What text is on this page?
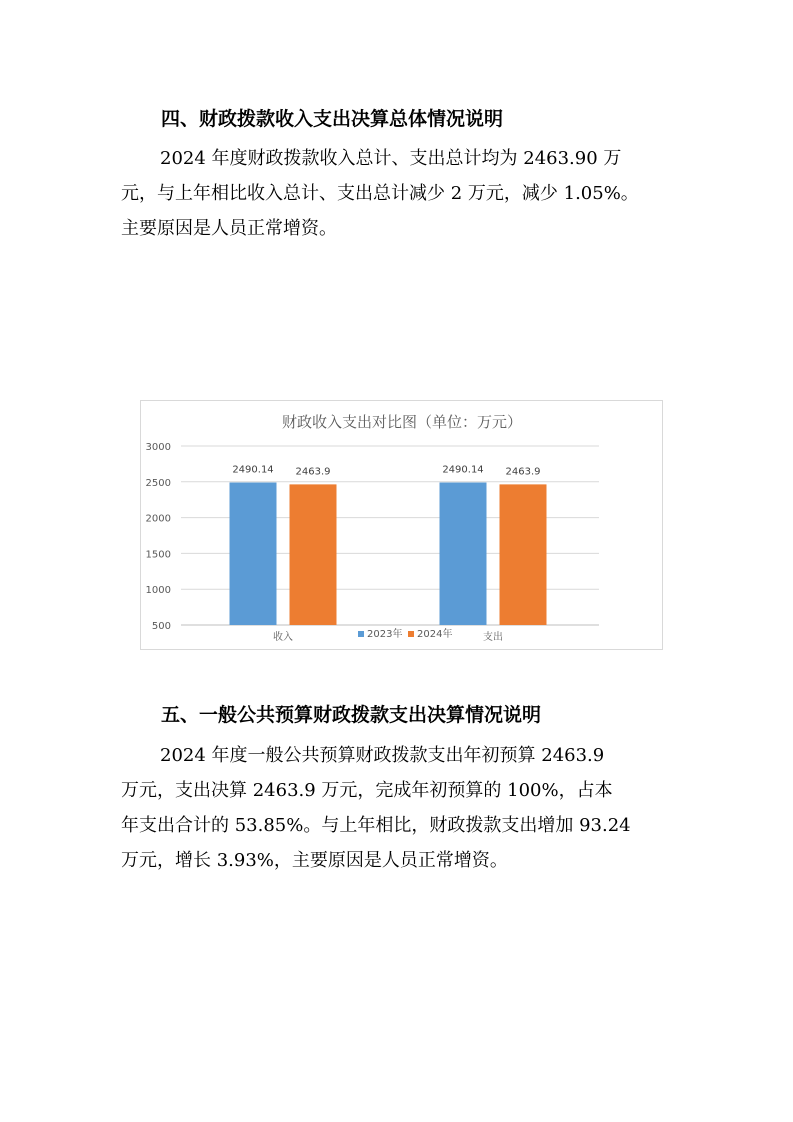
四、财政拨款收入支出决算总体情况说明

2024 年度财政拨款收入总计、支出总计均为 2463.90 万
元，与上年相比收入总计、支出总计减少 2 万元，减少 1.05%。
主要原因是人员正常增资。

财政收入支出对比图（单位：万元）
500
1000
1500
2000
2500
3000
2490.14	2490.14
2463.9	2463.9
收入	支出
2023年 2024年
五、一般公共预算财政拨款支出决算情况说明

2024 年度一般公共预算财政拨款支出年初预算 2463.9
万元，支出决算 2463.9 万元，完成年初预算的 100%，占本
年支出合计的 53.85%。与上年相比，财政拨款支出增加 93.24
万元，增长 3.93%，主要原因是人员正常增资。
